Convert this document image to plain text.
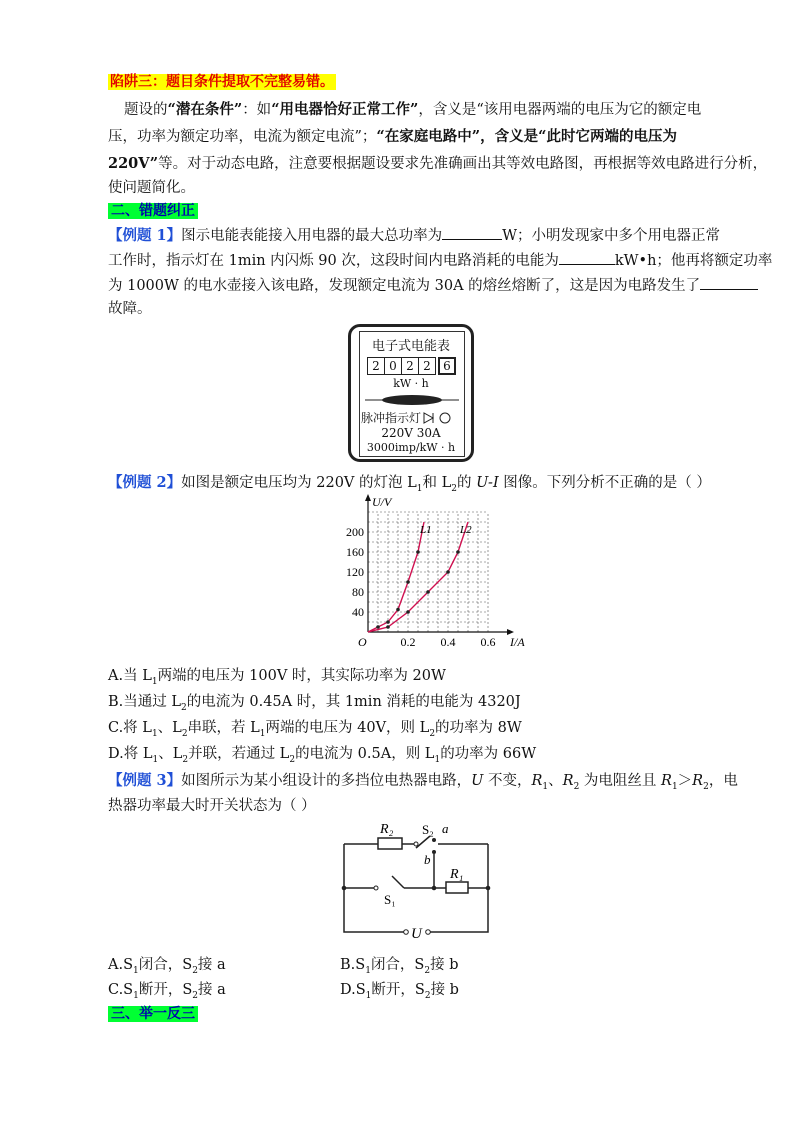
陷阱三：题目条件提取不完整易错。
题设的“潜在条件”：如“用电器恰好正常工作”，含义是“该用电器两端的电压为它的额定电
压，功率为额定功率，电流为额定电流”；“在家庭电路中”，含义是“此时它两端的电压为
220V”等。对于动态电路，注意要根据题设要求先准确画出其等效电路图，再根据等效电路进行分析，
使问题简化。
二、错题纠正
【例题 1】图示电能表能接入用电器的最大总功率为	W；小明发现家中多个用电器正常
工作时，指示灯在 1min 内闪烁 90 次，这段时间内电路消耗的电能为	kW•h；他再将额定功率
为 1000W 的电水壶接入该电路，发现额定电流为 30A 的熔丝熔断了，这是因为电路发生了
故障。
电子式电能表
2 0 2 2	6
kW · h
脉冲指示灯
220V 30A
3000imp/kW · h
【例题 2】如图是额定电压均为 220V 的灯泡 $L_1$和 $L_2$的 U-I 图像。下列分析不正确的是（ ）
0.2 0.4 0.6
40
80
120
160
200
O	I/A
U/V
L1	L2
A.当 $L_1$两端的电压为 100V 时，其实际功率为 20W
B.当通过 $L_2$的电流为 0.45A 时，其 1min 消耗的电能为 4320J
C.将 $L_1$、$L_2$串联，若 $L_1$两端的电压为 40V，则 $L_2$的功率为 8W
D.将 $L_1$、$L_2$并联，若通过 $L_2$的电流为 0.5A，则 $L_1$的功率为 66W
【例题 3】如图所示为某小组设计的多挡位电热器电路，U 不变，$R_1$、$R_2$ 为电阻丝且 $R_1>R_2$，电
热器功率最大时开关状态为（ ）
R₂ S₂ a
b
R₁
S₁
U
$A.S_1$闭合，$S_2$接 a	$B.S_1$闭合，$S_2$接 b
$C.S_1$断开，$S_2$接 a	$D.S_1$断开，$S_2$接 b
三、举一反三
